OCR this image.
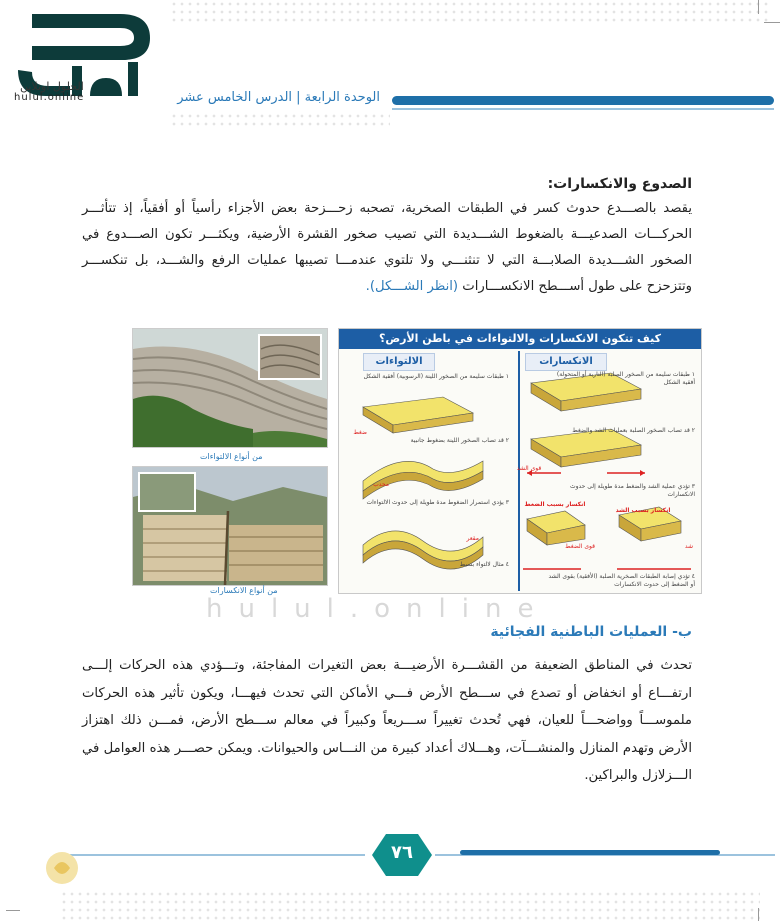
الحلول اونلاين
hulul.online	الوحدة الرابعة | الدرس الخامس عشر
الصدوع والانكسارات:
يقصد بالصـــدع حدوث كسر في الطبقات الصخرية، تصحبه زحـــزحة بعض الأجزاء رأسياً أو أفقياً، إذ تتأثـــر الحركـــات الصدعيـــة بالضغوط الشـــديدة التي تصيب صخور القشرة الأرضية، ويكثـــر تكون الصـــدوع في الصخور الشـــديدة الصلابـــة التي لا تنثنـــي ولا تلتوي عندمـــا تصيبها عمليات الرفع والشـــد، بل تنكســـر وتتزحزح على طول أســـطح الانكســـارات (انظر الشـــكل).
من أنواع الالتواءات
من أنواع الانكسارات
كيف تتكون الانكسارات والالتواءات في باطن الأرض؟
الانكسارات
الالتواءات
١ طبقات سليمة من الصخور الصلبة (النارية أو المتحولة) أفقية الشكل
٢ قد تصاب الصخور الصلبة بعمليات الشد والضغط
٣ تؤدي عملية الشد والضغط مدة طويلة إلى حدوث الانكسارات
٤ تؤدي إصابة الطبقات الصخرية الصلبة (الأفقية) بقوى الشد أو الضغط إلى حدوث الانكسارات
١ طبقات سليمة من الصخور اللينة (الرسوبية) أفقية الشكل
٢ قد تصاب الصخور اللينة بضغوط جانبية
٣ يؤدي استمرار الضغوط مدة طويلة إلى حدوث الالتواءات
٤ مثال لالتواء بسيط
قوى الشد
انكسار بسبب الشد
انكسار بسبب الضغط
محدب
مقعر
ضغط
شد
قوى الضغط
hulul.online
ب- العمليات الباطنية الفجائية
تحدث في المناطق الضعيفة من القشـــرة الأرضيـــة بعض التغيرات المفاجئة، وتـــؤدي هذه الحركات إلـــى ارتفـــاع أو انخفاض أو تصدع في ســـطح الأرض فـــي الأماكن التي تحدث فيهـــا، ويكون تأثير هذه الحركات ملموســـاً وواضحـــاً للعيان، فهي تُحدث تغييراً ســـريعاً وكبيراً في معالم ســـطح الأرض، فمـــن ذلك اهتزاز الأرض وتهدم المنازل والمنشـــآت، وهـــلاك أعداد كبيرة من النـــاس والحيوانات. ويمكن حصـــر هذه العوامل في الـــزلازل والبراكين.
٧٦
